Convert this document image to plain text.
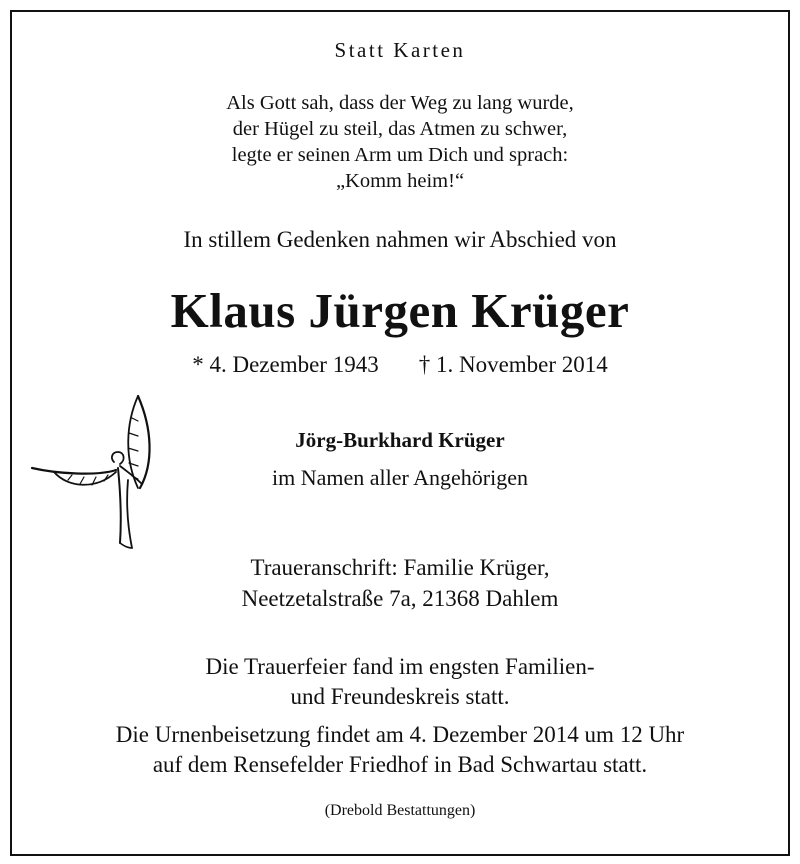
Statt Karten
Als Gott sah, dass der Weg zu lang wurde,
der Hügel zu steil, das Atmen zu schwer,
legte er seinen Arm um Dich und sprach:
„Komm heim!“
In stillem Gedenken nahmen wir Abschied von
Klaus Jürgen Krüger
* 4. Dezember 1943 † 1. November 2014
Jörg-Burkhard Krüger
im Namen aller Angehörigen
Traueranschrift: Familie Krüger,
Neetzetalstraße 7a, 21368 Dahlem
Die Trauerfeier fand im engsten Familien-
und Freundeskreis statt.
Die Urnenbeisetzung findet am 4. Dezember 2014 um 12 Uhr
auf dem Rensefelder Friedhof in Bad Schwartau statt.
(Drebold Bestattungen)
